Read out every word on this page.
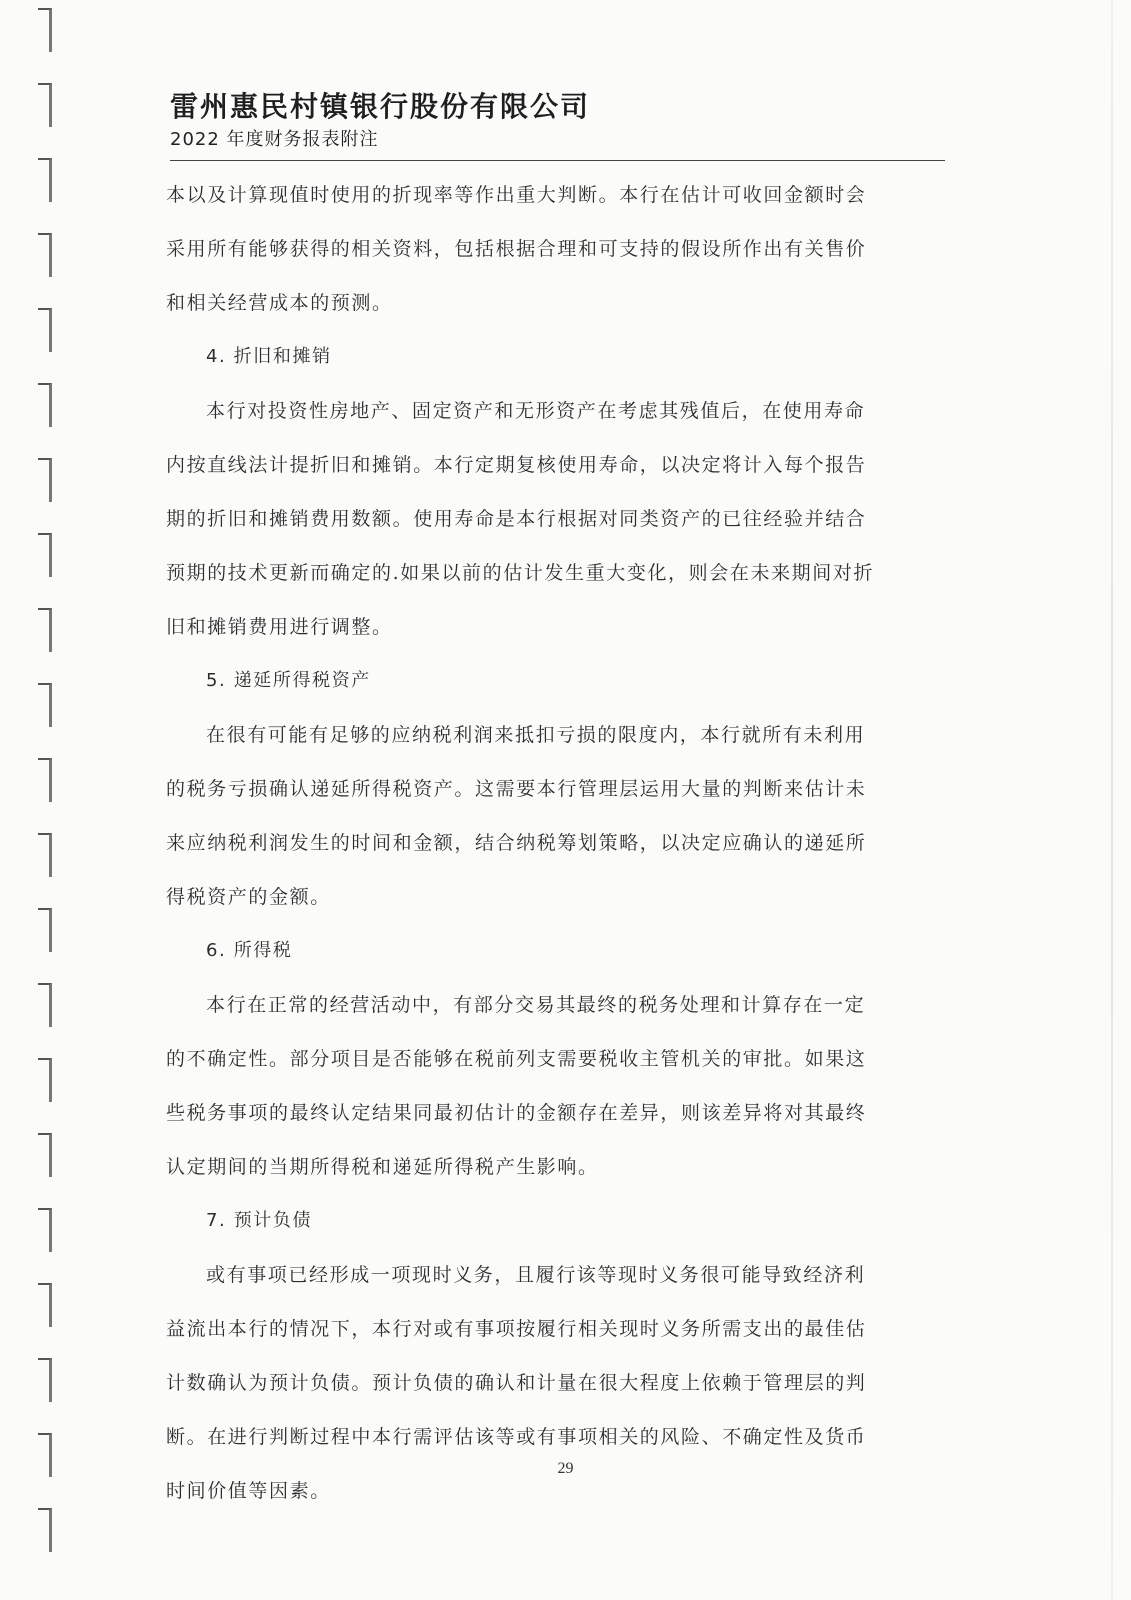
雷州惠民村镇银行股份有限公司
2022 年度财务报表附注
本以及计算现值时使用的折现率等作出重大判断。本行在估计可收回金额时会
采用所有能够获得的相关资料，包括根据合理和可支持的假设所作出有关售价
和相关经营成本的预测。
4. 折旧和摊销
本行对投资性房地产、固定资产和无形资产在考虑其残值后，在使用寿命
内按直线法计提折旧和摊销。本行定期复核使用寿命，以决定将计入每个报告
期的折旧和摊销费用数额。使用寿命是本行根据对同类资产的已往经验并结合
预期的技术更新而确定的.如果以前的估计发生重大变化，则会在未来期间对折
旧和摊销费用进行调整。
5. 递延所得税资产
在很有可能有足够的应纳税利润来抵扣亏损的限度内，本行就所有未利用
的税务亏损确认递延所得税资产。这需要本行管理层运用大量的判断来估计未
来应纳税利润发生的时间和金额，结合纳税筹划策略，以决定应确认的递延所
得税资产的金额。
6. 所得税
本行在正常的经营活动中，有部分交易其最终的税务处理和计算存在一定
的不确定性。部分项目是否能够在税前列支需要税收主管机关的审批。如果这
些税务事项的最终认定结果同最初估计的金额存在差异，则该差异将对其最终
认定期间的当期所得税和递延所得税产生影响。
7. 预计负债
或有事项已经形成一项现时义务，且履行该等现时义务很可能导致经济利
益流出本行的情况下，本行对或有事项按履行相关现时义务所需支出的最佳估
计数确认为预计负债。预计负债的确认和计量在很大程度上依赖于管理层的判
断。在进行判断过程中本行需评估该等或有事项相关的风险、不确定性及货币
时间价值等因素。
29
